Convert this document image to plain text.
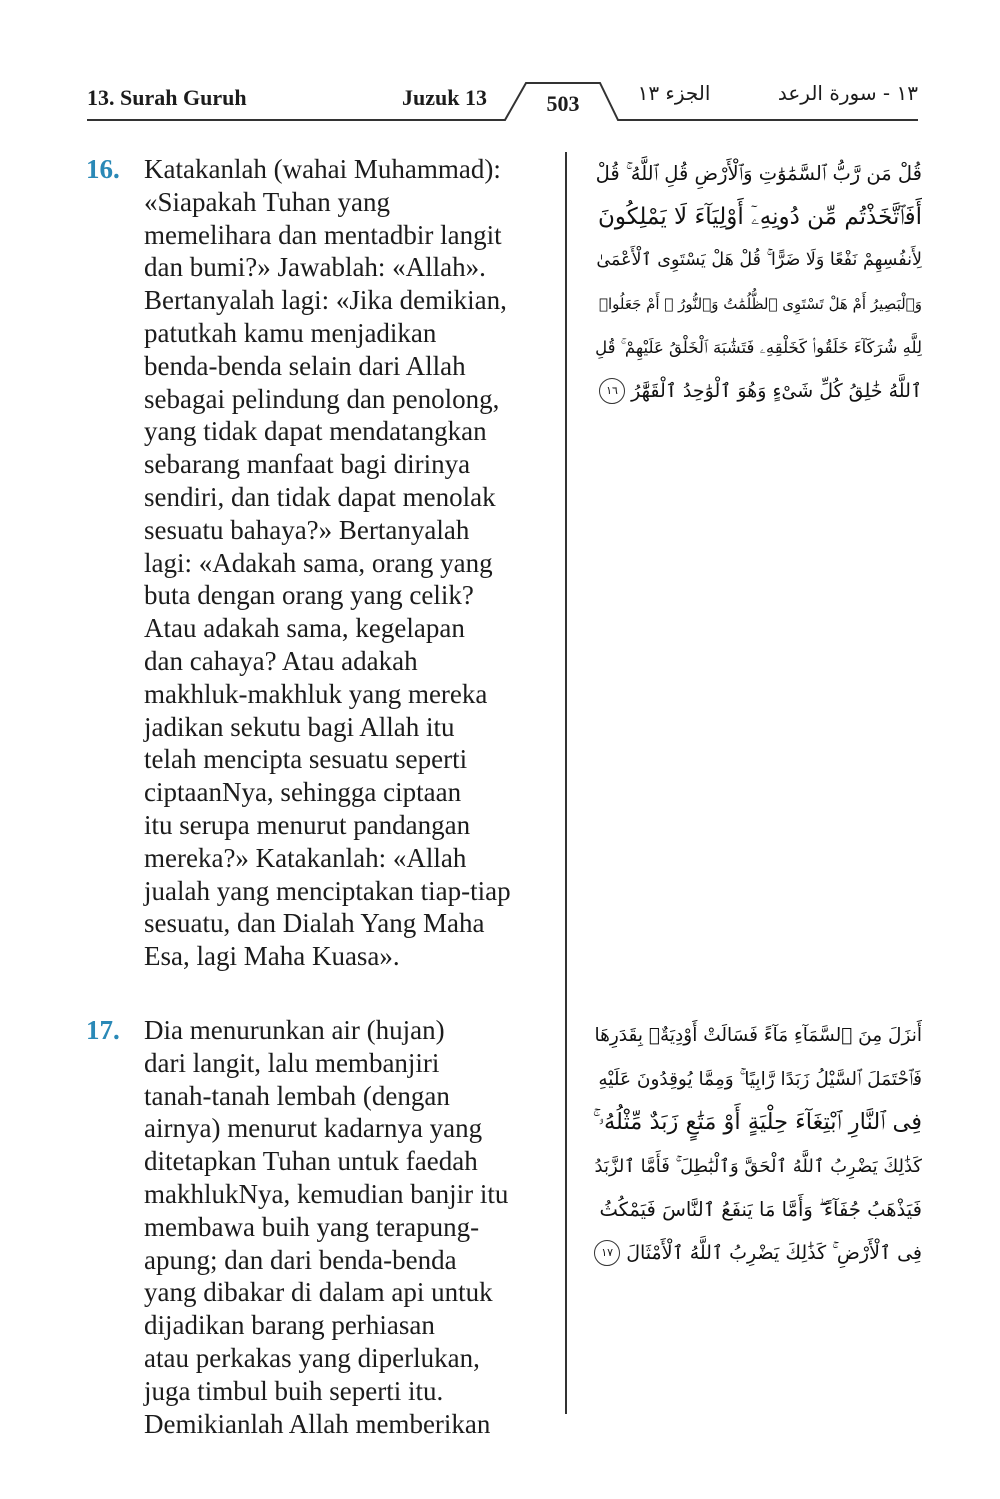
13. Surah Guruh	Juzuk 13	503	الجزء ١٣	١٣ - سورة الرعد
16. Katakanlah (wahai Muhammad):
«Siapakah Tuhan yang
memelihara dan mentadbir langit
dan bumi?» Jawablah: «Allah».
Bertanyalah lagi: «Jika demikian,
patutkah kamu menjadikan
benda-benda selain dari Allah
sebagai pelindung dan penolong,
yang tidak dapat mendatangkan
sebarang manfaat bagi dirinya
sendiri, dan tidak dapat menolak
sesuatu bahaya?» Bertanyalah
lagi: «Adakah sama, orang yang
buta dengan orang yang celik?
Atau adakah sama, kegelapan
dan cahaya? Atau adakah
makhluk-makhluk yang mereka
jadikan sekutu bagi Allah itu
telah mencipta sesuatu seperti
ciptaanNya, sehingga ciptaan
itu serupa menurut pandangan
mereka?» Katakanlah: «Allah
jualah yang menciptakan tiap-tiap
sesuatu, dan Dialah Yang Maha
Esa, lagi Maha Kuasa».
قُلْ مَن رَّبُّ ٱلسَّمَٰوَٰتِ وَٱلْأَرْضِ قُلِ ٱللَّهُ ۚ قُلْ
أَفَٱتَّخَذْتُم مِّن دُونِهِۦٓ أَوْلِيَآءَ لَا يَمْلِكُونَ
لِأَنفُسِهِمْ نَفْعًا وَلَا ضَرًّا ۚ قُلْ هَلْ يَسْتَوِى ٱلْأَعْمَىٰ
وَٱلْبَصِيرُ أَمْ هَلْ تَسْتَوِى ٱلظُّلُمَٰتُ وَٱلنُّورُ ۗ أَمْ جَعَلُوا۟
لِلَّهِ شُرَكَآءَ خَلَقُوا۟ كَخَلْقِهِۦ فَتَشَٰبَهَ ٱلْخَلْقُ عَلَيْهِمْ ۚ قُلِ
ٱللَّهُ خَٰلِقُ كُلِّ شَىْءٍ وَهُوَ ٱلْوَٰحِدُ ٱلْقَهَّٰرُ ١٦
17. Dia menurunkan air (hujan)
dari langit, lalu membanjiri
tanah-tanah lembah (dengan
airnya) menurut kadarnya yang
ditetapkan Tuhan untuk faedah
makhlukNya, kemudian banjir itu
membawa buih yang terapung-
apung; dan dari benda-benda
yang dibakar di dalam api untuk
dijadikan barang perhiasan
atau perkakas yang diperlukan,
juga timbul buih seperti itu.
Demikianlah Allah memberikan
أَنزَلَ مِنَ ٱلسَّمَآءِ مَآءً فَسَالَتْ أَوْدِيَةٌۢ بِقَدَرِهَا
فَٱحْتَمَلَ ٱلسَّيْلُ زَبَدًا رَّابِيًا ۚ وَمِمَّا يُوقِدُونَ عَلَيْهِ
فِى ٱلنَّارِ ٱبْتِغَآءَ حِلْيَةٍ أَوْ مَتَٰعٍ زَبَدٌ مِّثْلُهُۥ ۚ
كَذَٰلِكَ يَضْرِبُ ٱللَّهُ ٱلْحَقَّ وَٱلْبَٰطِلَ ۚ فَأَمَّا ٱلزَّبَدُ
فَيَذْهَبُ جُفَآءً ۖ وَأَمَّا مَا يَنفَعُ ٱلنَّاسَ فَيَمْكُثُ
فِى ٱلْأَرْضِ ۚ كَذَٰلِكَ يَضْرِبُ ٱللَّهُ ٱلْأَمْثَالَ ١٧
